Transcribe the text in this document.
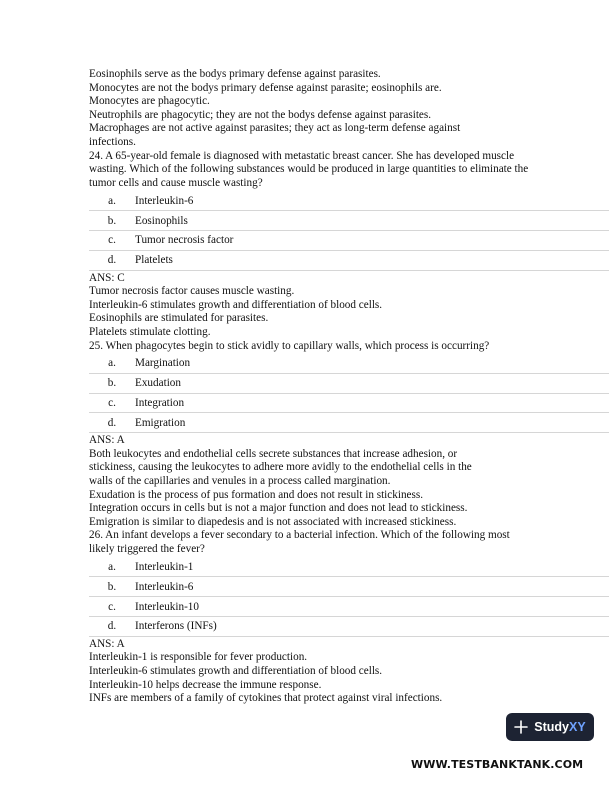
Eosinophils serve as the bodys primary defense against parasites.
Monocytes are not the bodys primary defense against parasite; eosinophils are.
Monocytes are phagocytic.
Neutrophils are phagocytic; they are not the bodys defense against parasites.
Macrophages are not active against parasites; they act as long-term defense against
infections.
24. A 65-year-old female is diagnosed with metastatic breast cancer. She has developed muscle wasting. Which of the following substances would be produced in large quantities to eliminate the tumor cells and cause muscle wasting?
a.	Interleukin-6
b.	Eosinophils
c.	Tumor necrosis factor
d.	Platelets
ANS: C
Tumor necrosis factor causes muscle wasting.
Interleukin-6 stimulates growth and differentiation of blood cells.
Eosinophils are stimulated for parasites.
Platelets stimulate clotting.
25. When phagocytes begin to stick avidly to capillary walls, which process is occurring?
a.	Margination
b.	Exudation
c.	Integration
d.	Emigration
ANS: A
Both leukocytes and endothelial cells secrete substances that increase adhesion, or
stickiness, causing the leukocytes to adhere more avidly to the endothelial cells in the
walls of the capillaries and venules in a process called margination.
Exudation is the process of pus formation and does not result in stickiness.
Integration occurs in cells but is not a major function and does not lead to stickiness.
Emigration is similar to diapedesis and is not associated with increased stickiness.
26. An infant develops a fever secondary to a bacterial infection. Which of the following most likely triggered the fever?
a.	Interleukin-1
b.	Interleukin-6
c.	Interleukin-10
d.	Interferons (INFs)
ANS: A
Interleukin-1 is responsible for fever production.
Interleukin-6 stimulates growth and differentiation of blood cells.
Interleukin-10 helps decrease the immune response.
INFs are members of a family of cytokines that protect against viral infections.
StudyXY
WWW.TESTBANKTANK.COM
